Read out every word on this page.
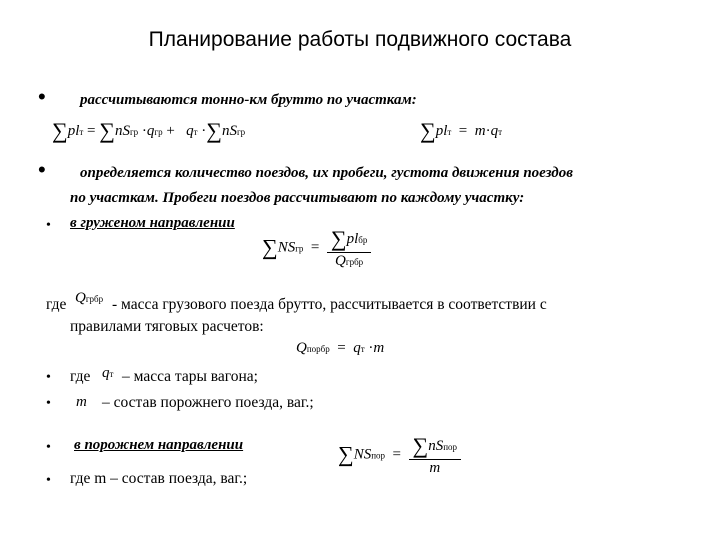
Планирование работы подвижного состава
• рассчитываются тонно-км брутто по участкам:
∑plт = ∑nSгр ·qгр + qт ·∑nSгр	∑plт = m·qт
• определяется количество поездов, их пробеги, густота движения поездов
по участкам. Пробеги поездов рассчитывают по каждому участку:
• в груженом направлении
∑NSгр = $\frac{\text{∑plбр}}{\text{Qгрбр}}$
где Qгрбр - масса грузового поезда брутто, рассчитывается в соответствии с
правилами тяговых расчетов:
Qпорбр = qт ·m
• где qт – масса тары вагона;
• m – состав порожнего поезда, ваг.;
• в порожнем направлении
• где m – состав поезда, ваг.;
∑NSпор = $\frac{\text{∑nSпор}}{m}$
